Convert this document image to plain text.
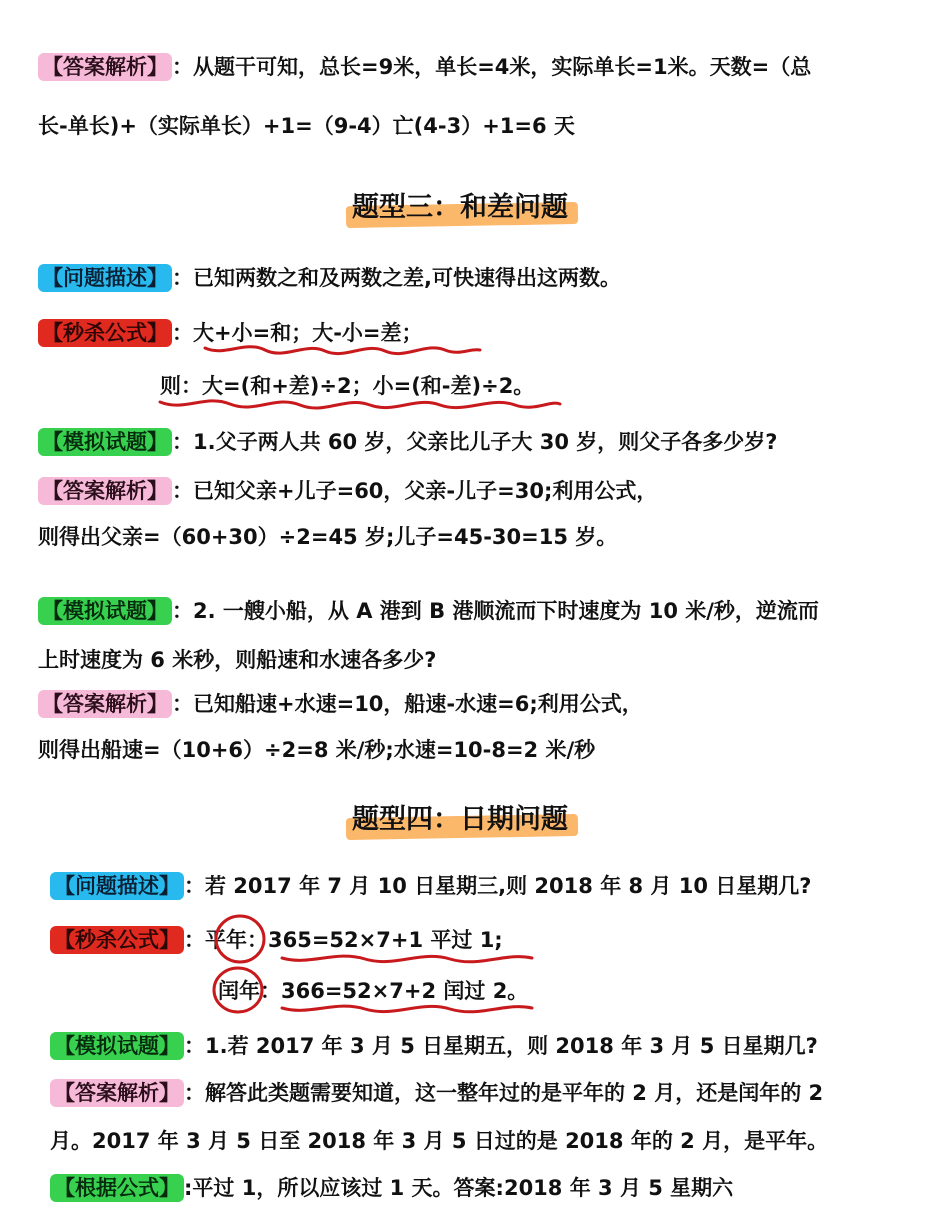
【答案解析】 ：从题干可知，总长=9米，单长=4米，实际单长=1米。天数=（总
长-单长)+（实际单长）+1=（9-4）亡(4-3）+1=6 天
题型三：和差问题
【问题描述】 ：已知两数之和及两数之差,可快速得出这两数。
【秒杀公式】 ：大+小=和；大-小=差；
则：大=(和+差)÷2；小=(和-差)÷2。
【模拟试题】 ：1.父子两人共 60 岁，父亲比儿子大 30 岁，则父子各多少岁?
【答案解析】 ：已知父亲+儿子=60，父亲-儿子=30;利用公式，
则得出父亲=（60+30）÷2=45 岁;儿子=45-30=15 岁。
【模拟试题】 ：2. 一艘小船，从 A 港到 B 港顺流而下时速度为 10 米/秒，逆流而
上时速度为 6 米秒，则船速和水速各多少?
【答案解析】 ：已知船速+水速=10，船速-水速=6;利用公式，
则得出船速=（10+6）÷2=8 米/秒;水速=10-8=2 米/秒
题型四：日期问题
【问题描述】 ：若 2017 年 7 月 10 日星期三,则 2018 年 8 月 10 日星期几?
【秒杀公式】 ：平年：365=52×7+1 平过 1;
闰年：366=52×7+2 闰过 2。
【模拟试题】 ：1.若 2017 年 3 月 5 日星期五，则 2018 年 3 月 5 日星期几?
【答案解析】 ：解答此类题需要知道，这一整年过的是平年的 2 月，还是闰年的 2
月。2017 年 3 月 5 日至 2018 年 3 月 5 日过的是 2018 年的 2 月，是平年。
【根据公式】 :平过 1，所以应该过 1 天。答案:2018 年 3 月 5 星期六
